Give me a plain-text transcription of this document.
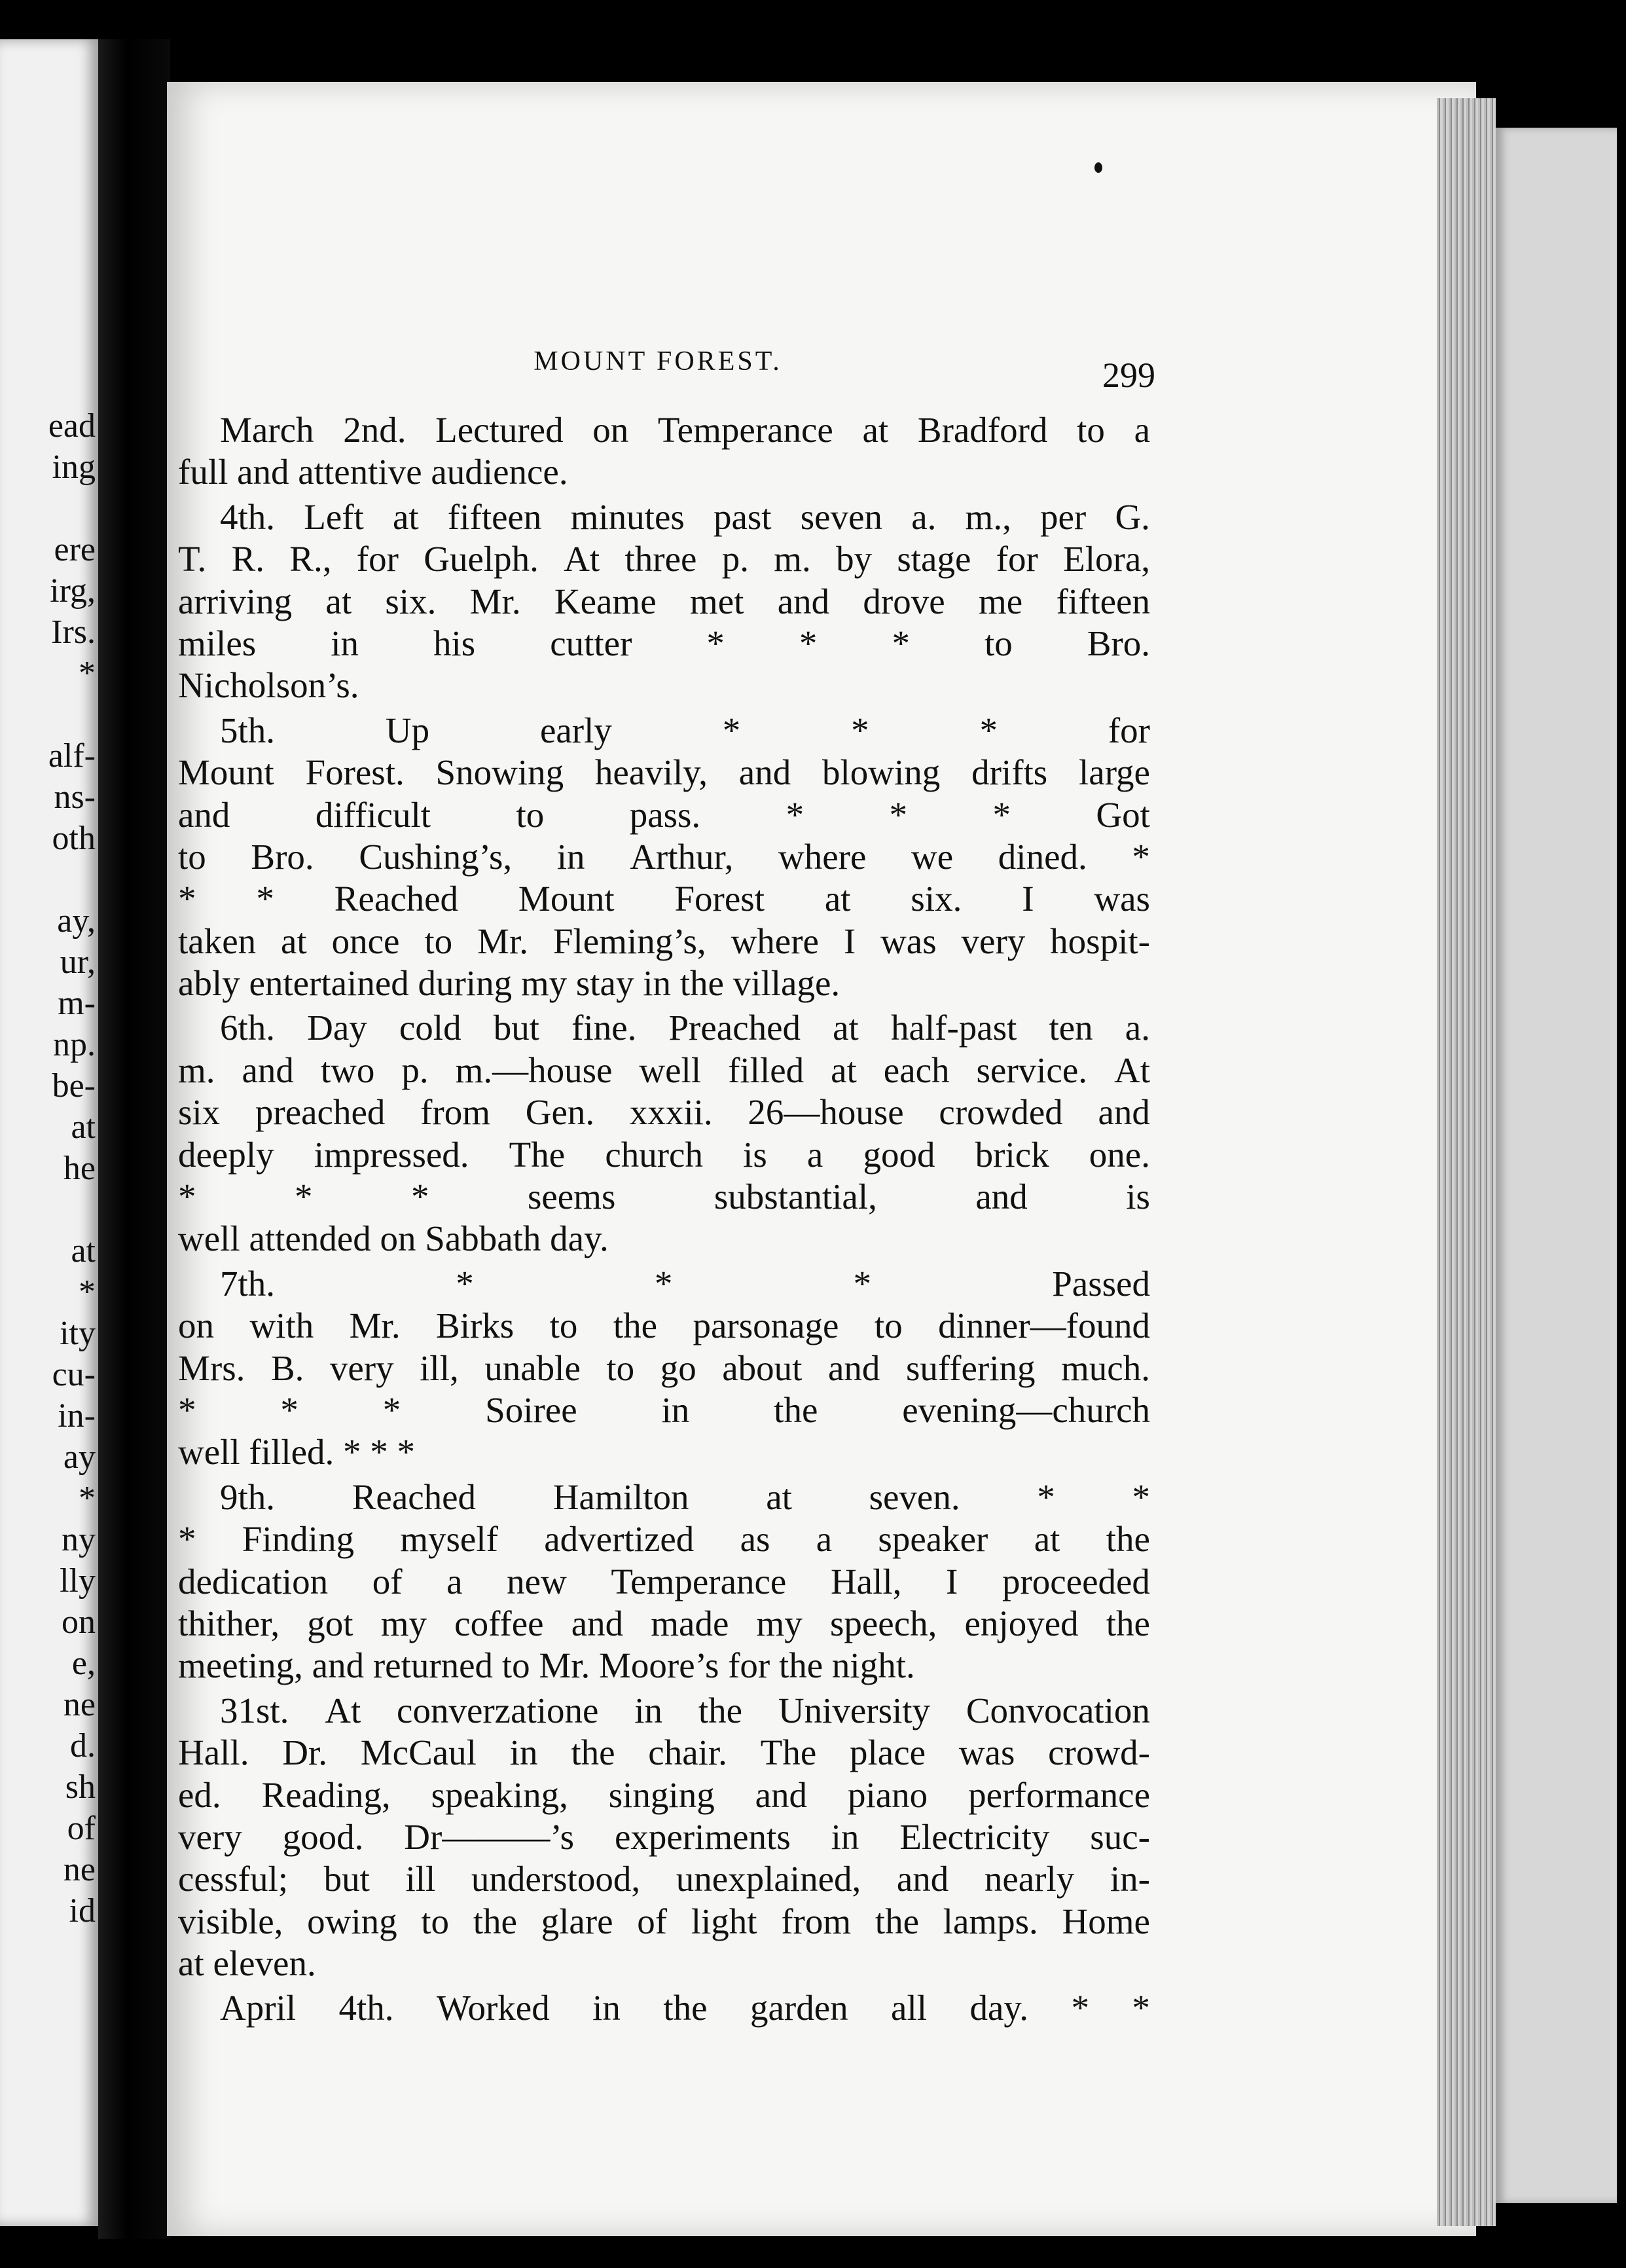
ead
ing
ere
irg,
Irs.
*
alf-
ns-
oth
ay,
ur,
m-
np.
be-
at
he
at
*
ity
cu-
in-
ay
*
ny
lly
on
e,
ne
d.
sh
of
ne
id
MOUNT FOREST.	299
March 2nd. Lectured on Temperance at Bradford to a
full and attentive audience.
4th. Left at fifteen minutes past seven a. m., per G.
T. R. R., for Guelph. At three p. m. by stage for Elora,
arriving at six. Mr. Keame met and drove me fifteen
miles in his cutter * * * to Bro.
Nicholson’s.
5th.	Up	early	*	*	*	for
Mount Forest. Snowing heavily, and blowing drifts large
and difficult to pass. * * * Got
to Bro. Cushing’s, in Arthur, where we dined. *
* * Reached Mount Forest at six. I was
taken at once to Mr. Fleming’s, where I was very hospit-
ably entertained during my stay in the village.
6th. Day cold but fine. Preached at half-past ten a.
m. and two p. m.—house well filled at each service. At
six preached from Gen. xxxii. 26—house crowded and
deeply impressed. The church is a good brick one.
*	*	*	seems	substantial,	and	is
well attended on Sabbath day.
7th.	*	*	*	Passed
on with Mr. Birks to the parsonage to dinner—found
Mrs. B. very ill, unable to go about and suffering much.
* * * Soiree in the evening—church
well filled. * * *
9th. Reached Hamilton at seven. * *
* Finding myself advertized as a speaker at the
dedication of a new Temperance Hall, I proceeded
thither, got my coffee and made my speech, enjoyed the
meeting, and returned to Mr. Moore’s for the night.
31st. At converzatione in the University Convocation
Hall. Dr. McCaul in the chair. The place was crowd-
ed. Reading, speaking, singing and piano performance
very good. Dr———’s experiments in Electricity suc-
cessful; but ill understood, unexplained, and nearly in-
visible, owing to the glare of light from the lamps. Home
at eleven.
April 4th. Worked in the garden all day. * *
